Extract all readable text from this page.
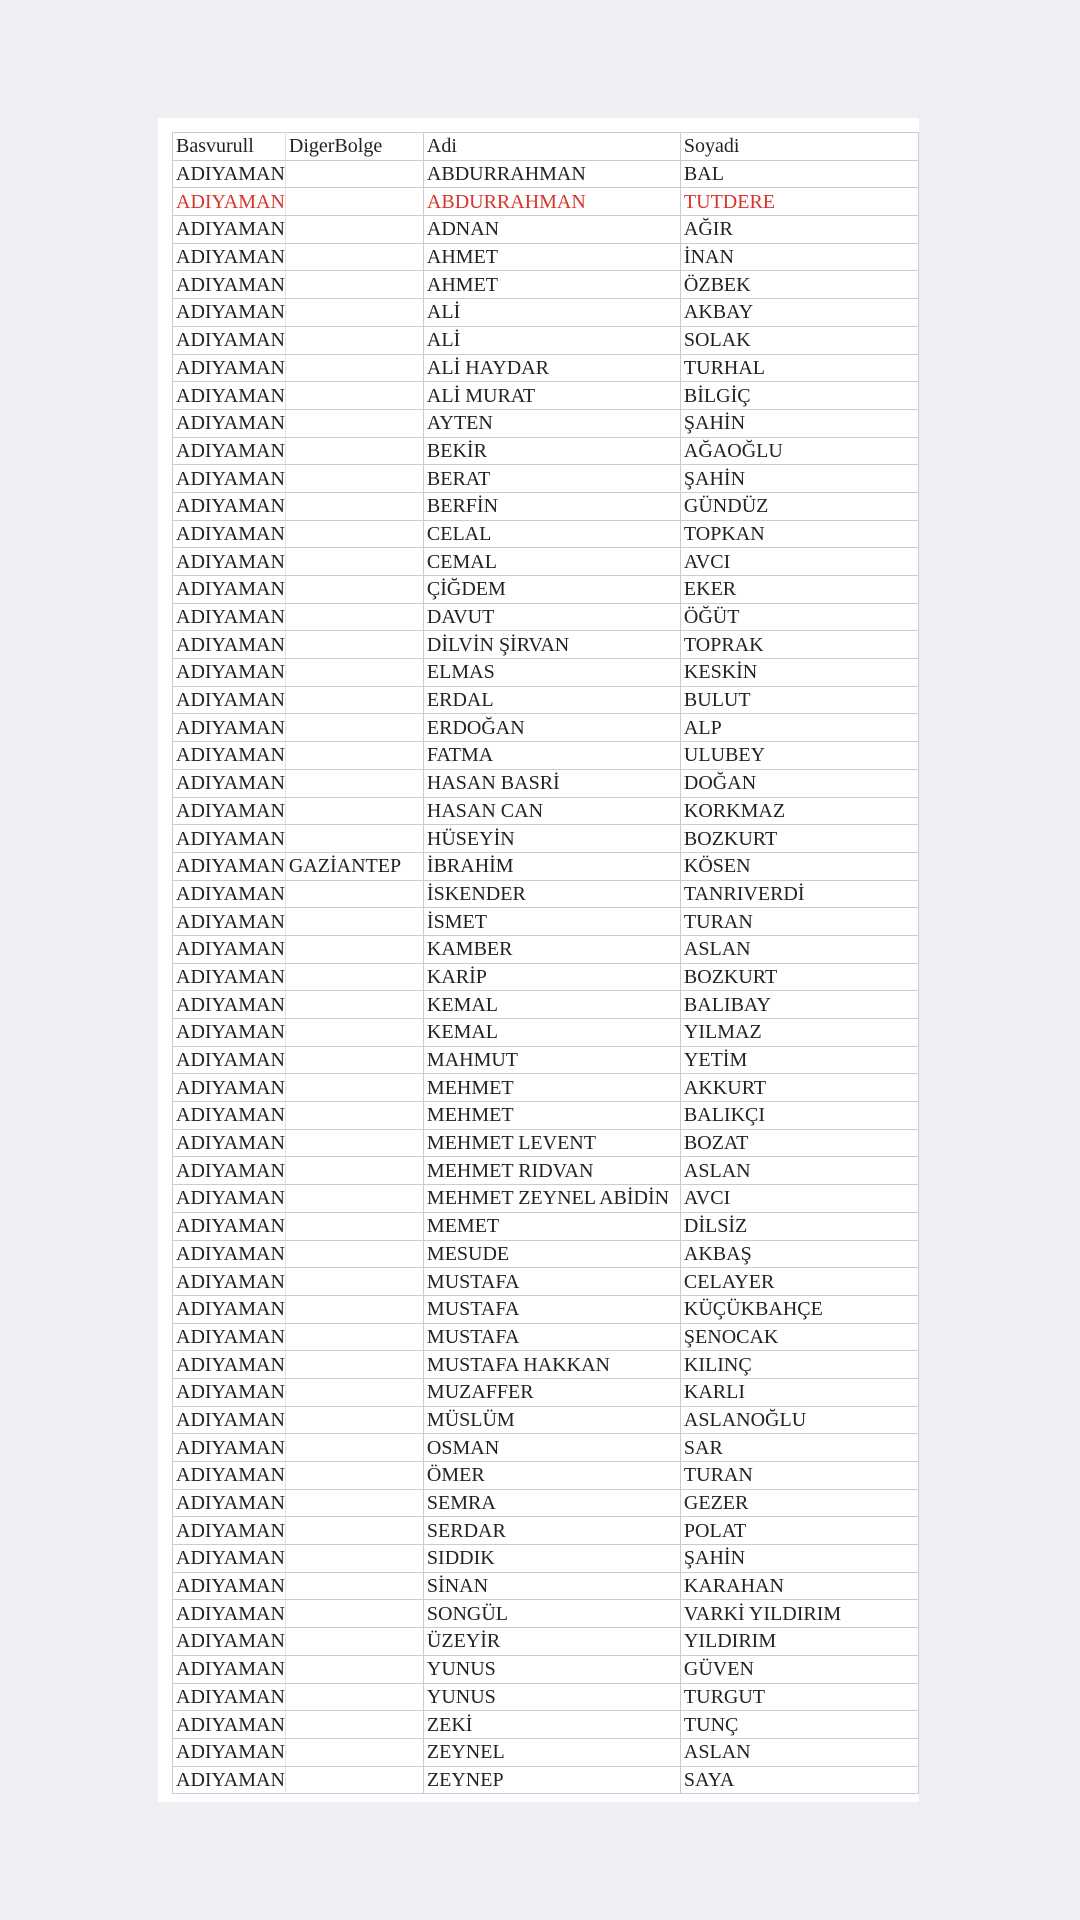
Basvurull	DigerBolge	Adi	Soyadi
ADIYAMAN		ABDURRAHMAN	BAL
ADIYAMAN		ABDURRAHMAN	TUTDERE
ADIYAMAN		ADNAN	AĞIR
ADIYAMAN		AHMET	İNAN
ADIYAMAN		AHMET	ÖZBEK
ADIYAMAN		ALİ	AKBAY
ADIYAMAN		ALİ	SOLAK
ADIYAMAN		ALİ HAYDAR	TURHAL
ADIYAMAN		ALİ MURAT	BİLGİÇ
ADIYAMAN		AYTEN	ŞAHİN
ADIYAMAN		BEKİR	AĞAOĞLU
ADIYAMAN		BERAT	ŞAHİN
ADIYAMAN		BERFİN	GÜNDÜZ
ADIYAMAN		CELAL	TOPKAN
ADIYAMAN		CEMAL	AVCI
ADIYAMAN		ÇİĞDEM	EKER
ADIYAMAN		DAVUT	ÖĞÜT
ADIYAMAN		DİLVİN ŞİRVAN	TOPRAK
ADIYAMAN		ELMAS	KESKİN
ADIYAMAN		ERDAL	BULUT
ADIYAMAN		ERDOĞAN	ALP
ADIYAMAN		FATMA	ULUBEY
ADIYAMAN		HASAN BASRİ	DOĞAN
ADIYAMAN		HASAN CAN	KORKMAZ
ADIYAMAN		HÜSEYİN	BOZKURT
ADIYAMAN	GAZİANTEP	İBRAHİM	KÖSEN
ADIYAMAN		İSKENDER	TANRIVERDİ
ADIYAMAN		İSMET	TURAN
ADIYAMAN		KAMBER	ASLAN
ADIYAMAN		KARİP	BOZKURT
ADIYAMAN		KEMAL	BALIBAY
ADIYAMAN		KEMAL	YILMAZ
ADIYAMAN		MAHMUT	YETİM
ADIYAMAN		MEHMET	AKKURT
ADIYAMAN		MEHMET	BALIKÇI
ADIYAMAN		MEHMET LEVENT	BOZAT
ADIYAMAN		MEHMET RIDVAN	ASLAN
ADIYAMAN		MEHMET ZEYNEL ABİDİN	AVCI
ADIYAMAN		MEMET	DİLSİZ
ADIYAMAN		MESUDE	AKBAŞ
ADIYAMAN		MUSTAFA	CELAYER
ADIYAMAN		MUSTAFA	KÜÇÜKBAHÇE
ADIYAMAN		MUSTAFA	ŞENOCAK
ADIYAMAN		MUSTAFA HAKKAN	KILINÇ
ADIYAMAN		MUZAFFER	KARLI
ADIYAMAN		MÜSLÜM	ASLANOĞLU
ADIYAMAN		OSMAN	SAR
ADIYAMAN		ÖMER	TURAN
ADIYAMAN		SEMRA	GEZER
ADIYAMAN		SERDAR	POLAT
ADIYAMAN		SIDDIK	ŞAHİN
ADIYAMAN		SİNAN	KARAHAN
ADIYAMAN		SONGÜL	VARKİ YILDIRIM
ADIYAMAN		ÜZEYİR	YILDIRIM
ADIYAMAN		YUNUS	GÜVEN
ADIYAMAN		YUNUS	TURGUT
ADIYAMAN		ZEKİ	TUNÇ
ADIYAMAN		ZEYNEL	ASLAN
ADIYAMAN		ZEYNEP	SAYA
